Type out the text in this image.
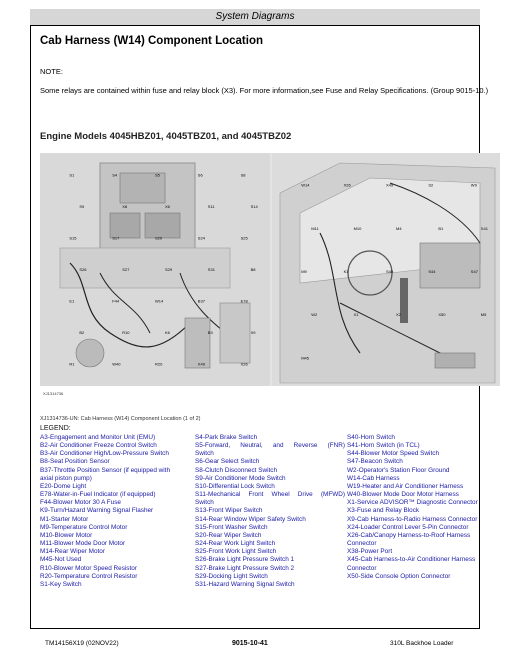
System Diagrams
Cab Harness (W14) Component Location
NOTE:
Some relays are contained within fuse and relay block (X3). For more information,see Fuse and Relay Specifications. (Group 9015-10.)
Engine Models 4045HBZ01, 4045TBZ01, and 4045TBZ02
S1	S4	S5	S6	S8
S9	X8	X6	S11	S14
S15	S17	S20	S24	S25
S26	S27	S29	S31	B8
E1	F44	W14	B37	E78
B2	R10	K6	B3	X9
R1	W40	R20	X49	X26
W14	X26	X49	S2	W9
M11	M10	M4	B1	S41
M9	K1	S40	S44	S47
W2	X1	X2	X50	M5
M45
XJ1314736
XJ1314736-UN: Cab Harness (W14) Component Location (1 of 2)
LEGEND:
A3-Engagement and Monitor Unit (EMU)
B2-Air Conditioner Freeze Control Switch
B3-Air Conditioner High/Low-Pressure Switch
B8-Seat Position Sensor
B37-Throttle Position Sensor (if equipped with
axial piston pump)
E20-Dome Light
E78-Water-in-Fuel Indicator (if equipped)
F44-Blower Motor 30 A Fuse
K9-Turn/Hazard Warning Signal Flasher
M1-Starter Motor
M9-Temperature Control Motor
M10-Blower Motor
M11-Blower Mode Door Motor
M14-Rear Wiper Motor
M45-Not Used
R10-Blower Motor Speed Resistor
R20-Temperature Control Resistor
S1-Key Switch
S4-Park Brake Switch
S5-Forward, Neutral, and Reverse (FNR)
Switch
S6-Gear Select Switch
S8-Clutch Disconnect Switch
S9-Air Conditioner Mode Switch
S10-Differential Lock Switch
S11-Mechanical Front Wheel Drive (MFWD)
Switch
S13-Front Wiper Switch
S14-Rear Window Wiper Safety Switch
S15-Front Washer Switch
S20-Rear Wiper Switch
S24-Rear Work Light Switch
S25-Front Work Light Switch
S26-Brake Light Pressure Switch 1
S27-Brake Light Pressure Switch 2
S29-Docking Light Switch
S31-Hazard Warning Signal Switch
S40-Horn Switch
S41-Horn Switch (in TCL)
S44-Blower Motor Speed Switch
S47-Beacon Switch
W2-Operator's Station Floor Ground
W14-Cab Harness
W19-Heater and Air Conditioner Harness
W40-Blower Mode Door Motor Harness
X1-Service ADVISOR™ Diagnostic Connector
X3-Fuse and Relay Block
X9-Cab Harness-to-Radio Harness Connector
X24-Loader Control Lever 5-Pin Connector
X26-Cab/Canopy Harness-to-Roof Harness
Connector
X38-Power Port
X45-Cab Harness-to-Air Conditioner Harness
Connector
X50-Side Console Option Connector
TM14156X19 (02NOV22)	9015-10-41	310L Backhoe Loader
